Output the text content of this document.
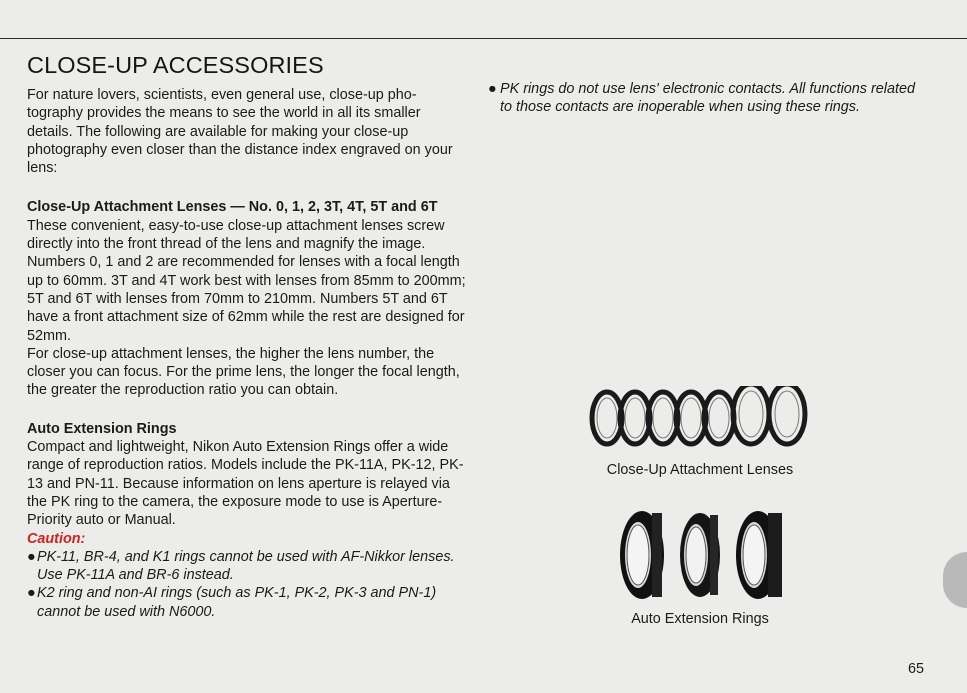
CLOSE-UP ACCESSORIES

For nature lovers, scientists, even general use, close-up pho-tography provides the means to see the world in all its smaller details. The following are available for making your close-up photography even closer than the distance index engraved on your lens:

Close-Up Attachment Lenses — No. 0, 1, 2, 3T, 4T, 5T and 6T

These convenient, easy-to-use close-up attachment lenses screw directly into the front thread of the lens and magnify the image.

Numbers 0, 1 and 2 are recommended for lenses with a focal length up to 60mm. 3T and 4T work best with lenses from 85mm to 200mm; 5T and 6T with lenses from 70mm to 210mm. Numbers 5T and 6T have a front attachment size of 62mm while the rest are designed for 52mm.

For close-up attachment lenses, the higher the lens number, the closer you can focus. For the prime lens, the longer the focal length, the greater the reproduction ratio you can obtain.

Auto Extension Rings

Compact and lightweight, Nikon Auto Extension Rings offer a wide range of reproduction ratios. Models include the PK-11A, PK-12, PK-13 and PN-11. Because information on lens aperture is relayed via the PK ring to the camera, the exposure mode to use is Aperture-Priority auto or Manual.

Caution:
● PK-11, BR-4, and K1 rings cannot be used with AF-Nikkor lenses. Use PK-11A and BR-6 instead.
● K2 ring and non-AI rings (such as PK-1, PK-2, PK-3 and PN-1) cannot be used with N6000.
● PK rings do not use lens' electronic contacts. All functions related to those contacts are inoperable when using these rings.
Close-Up Attachment Lenses
Auto Extension Rings
65
